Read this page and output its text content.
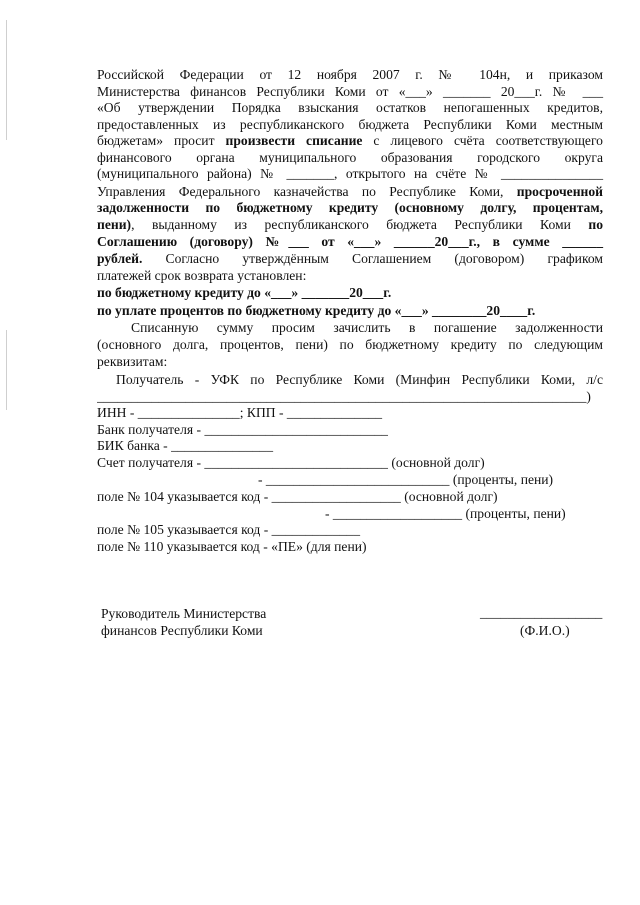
Российской Федерации от 12 ноября 2007 г. № 104н, и приказом
Министерства финансов Республики Коми от «___» _______ 20___г. № ___
«Об утверждении Порядка взыскания остатков непогашенных кредитов,
предоставленных из республиканского бюджета Республики Коми местным
бюджетам» просит произвести списание с лицевого счёта соответствующего
финансового органа муниципального образования городского округа
(муниципального района) № _______, открытого на счёте № _______________
Управления Федерального казначейства по Республике Коми, просроченной
задолженности по бюджетному кредиту (основному долгу, процентам,
пени), выданному из республиканского бюджета Республики Коми по
Соглашению (договору) №___ от «___» ______20___г., в сумме ______
рублей. Согласно утверждённым Соглашением (договором) графиком
платежей срок возврата установлен:
по бюджетному кредиту до «___» _______20___г.
по уплате процентов по бюджетному кредиту до «___» ________20____г.
Списанную сумму просим зачислить в погашение задолженности
(основного долга, процентов, пени) по бюджетному кредиту по следующим
реквизитам:
Получатель - УФК по Республике Коми (Минфин Республики Коми, л/с
________________________________________________________________________)
ИНН - _______________; КПП - ______________
Банк получателя - ___________________________
БИК банка - _______________
Счет получателя - ___________________________ (основной долг)
- ___________________________ (проценты, пени)
поле № 104 указывается код - ___________________ (основной долг)
- ___________________ (проценты, пени)
поле № 105 указывается код - _____________
поле № 110 указывается код - «ПЕ» (для пени)
Руководитель Министерства
финансов Республики Коми
__________________
(Ф.И.О.)
